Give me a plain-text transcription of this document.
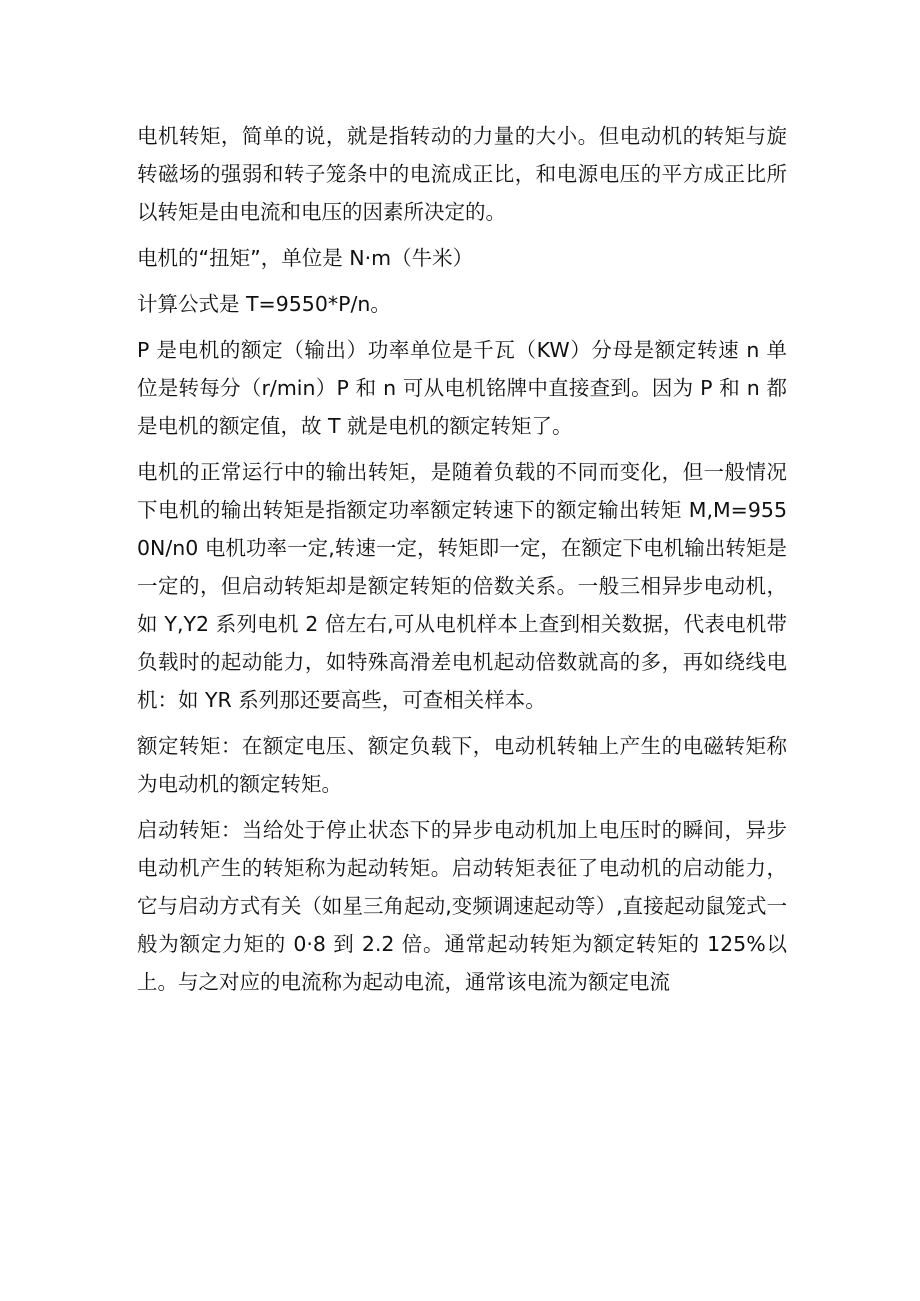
电机转矩，简单的说，就是指转动的力量的大小。但电动机的转矩与旋转磁场的强弱和转子笼条中的电流成正比，和电源电压的平方成正比所以转矩是由电流和电压的因素所决定的。

电机的“扭矩”，单位是 N·m（牛米）

计算公式是 T=9550*P/n。

P 是电机的额定（输出）功率单位是千瓦（KW）分母是额定转速 n 单位是转每分（r/min）P 和 n 可从电机铭牌中直接查到。因为 P 和 n 都是电机的额定值，故 T 就是电机的额定转矩了。

电机的正常运行中的输出转矩，是随着负载的不同而变化，但一般情况下电机的输出转矩是指额定功率额定转速下的额定输出转矩 M,M=9550N/n0 电机功率一定,转速一定，转矩即一定，在额定下电机输出转矩是一定的，但启动转矩却是额定转矩的倍数关系。一般三相异步电动机，如 Y,Y2 系列电机 2 倍左右,可从电机样本上查到相关数据，代表电机带负载时的起动能力，如特殊高滑差电机起动倍数就高的多，再如绕线电机：如 YR 系列那还要高些，可查相关样本。

额定转矩：在额定电压、额定负载下，电动机转轴上产生的电磁转矩称为电动机的额定转矩。

启动转矩：当给处于停止状态下的异步电动机加上电压时的瞬间，异步电动机产生的转矩称为起动转矩。启动转矩表征了电动机的启动能力，它与启动方式有关（如星三角起动,变频调速起动等）,直接起动鼠笼式一般为额定力矩的 0·8 到 2.2 倍。通常起动转矩为额定转矩的 125%以上。与之对应的电流称为起动电流，通常该电流为额定电流
